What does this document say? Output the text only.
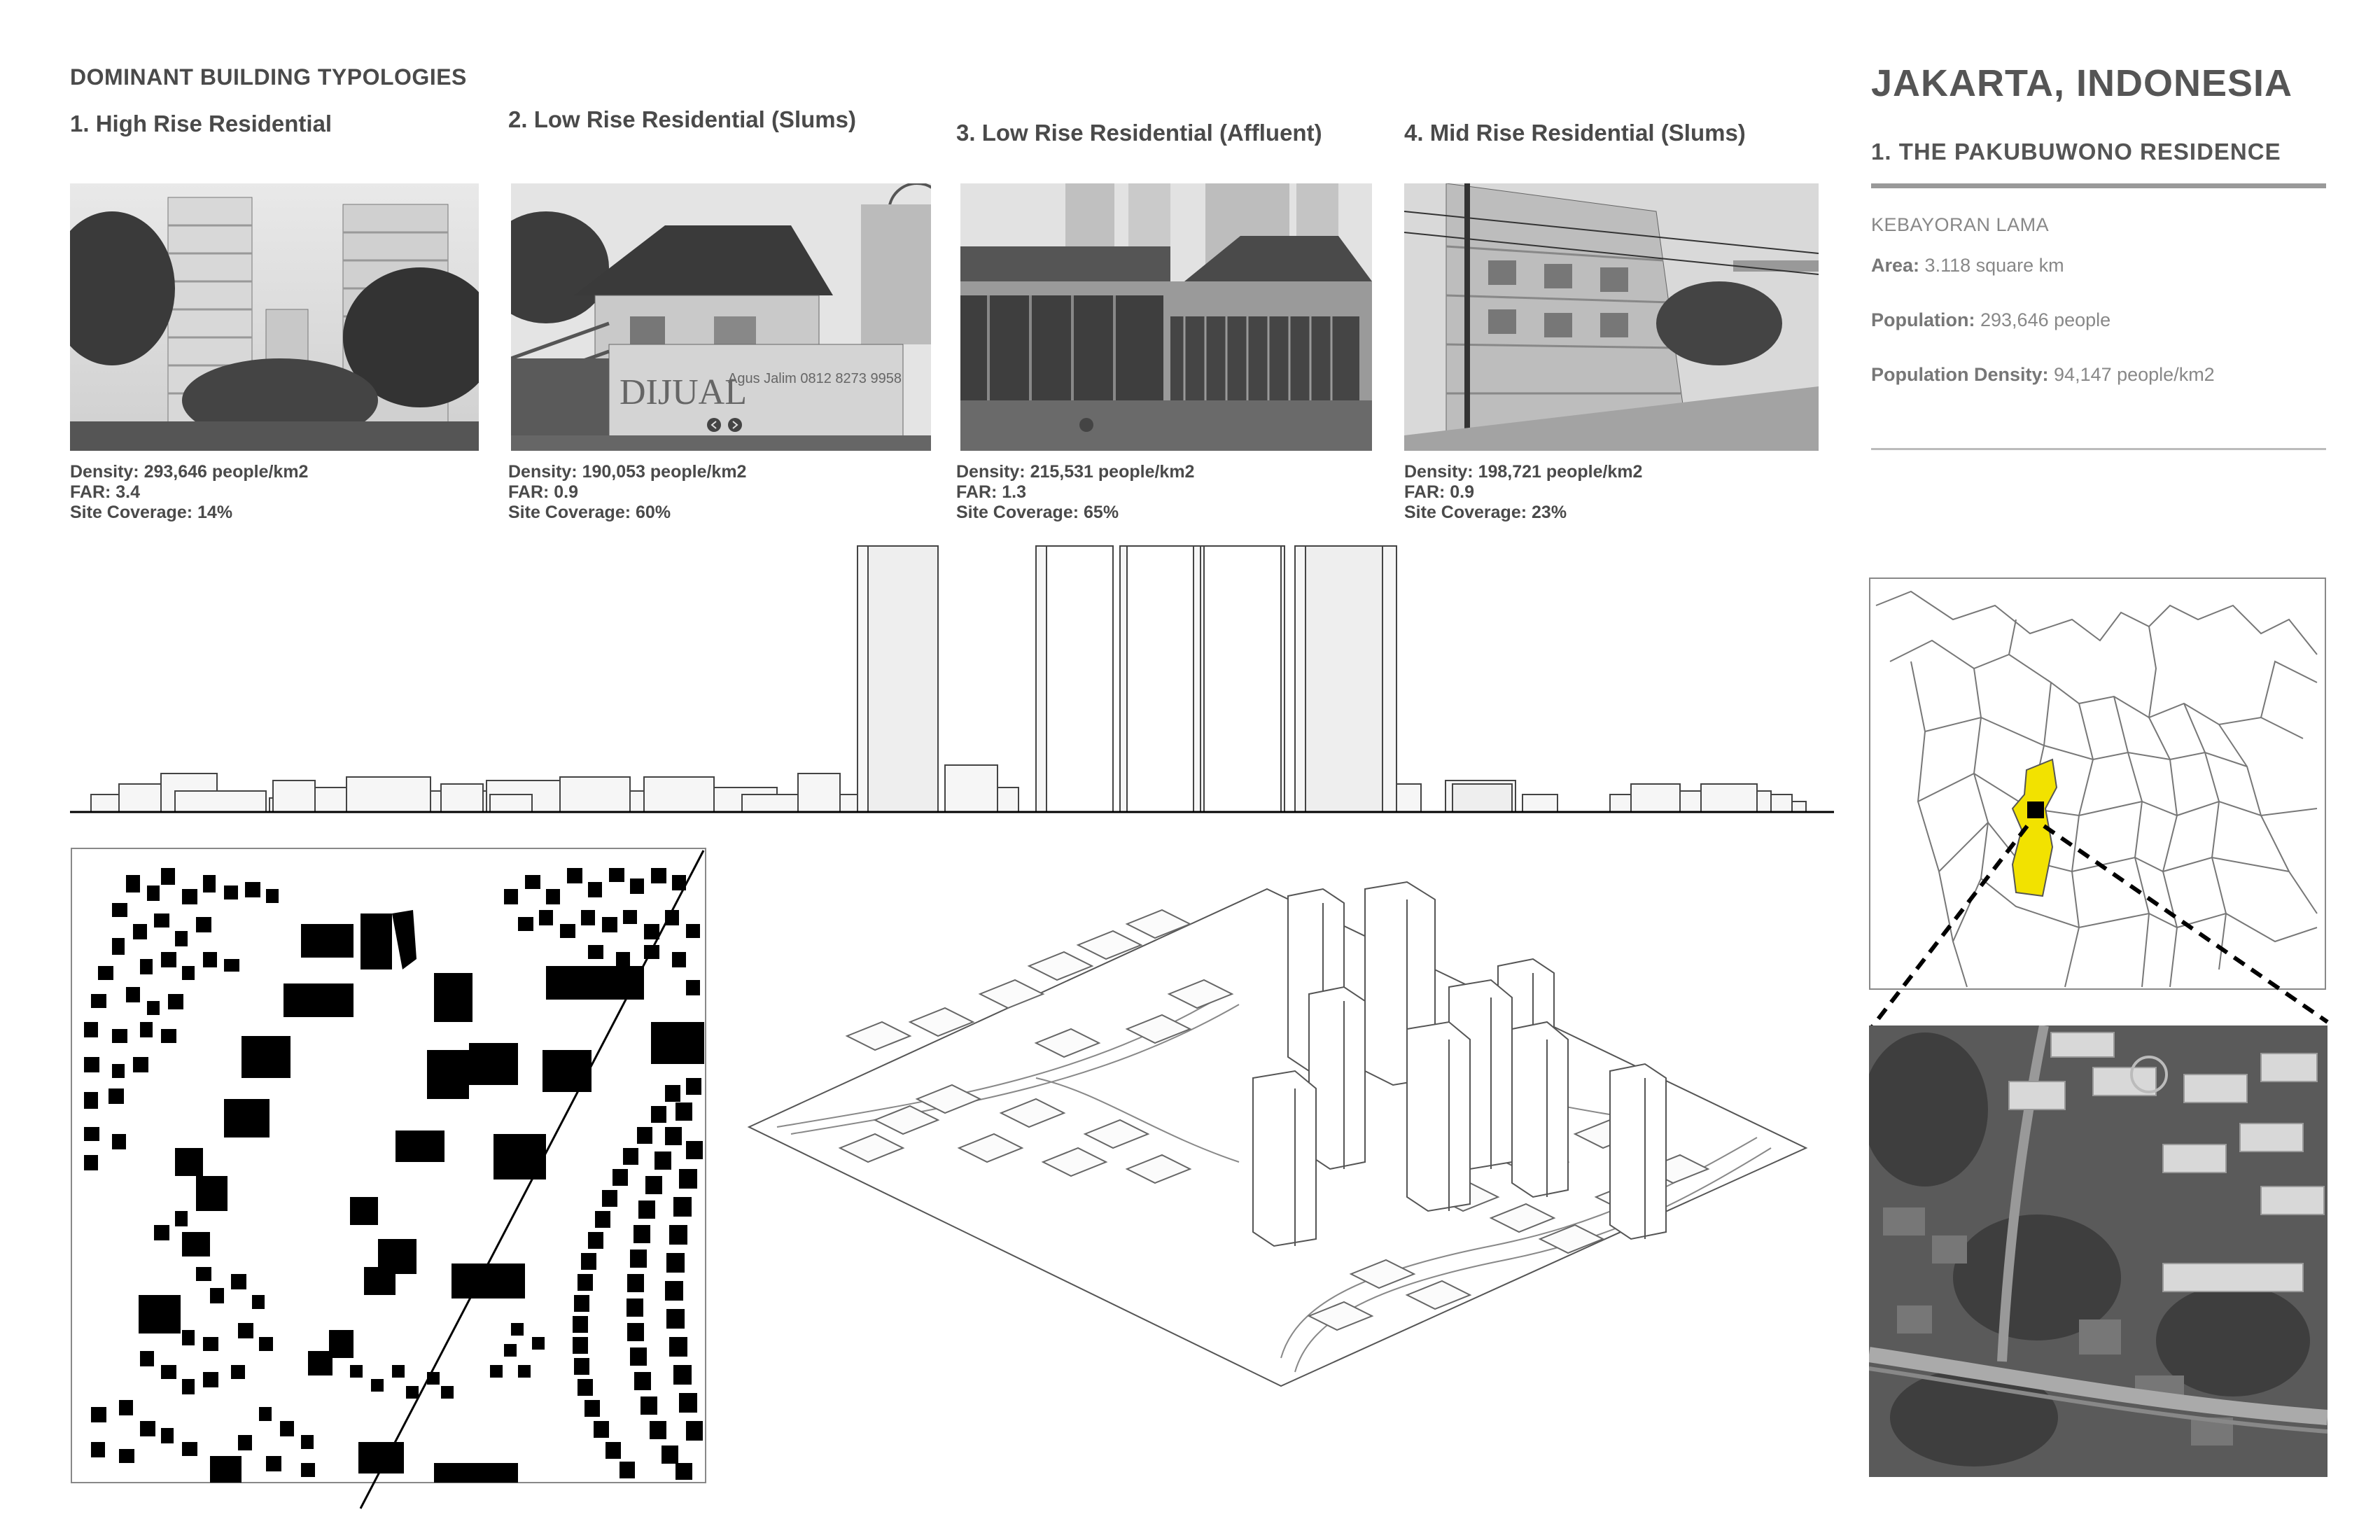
DOMINANT BUILDING TYPOLOGIES
1. High Rise Residential	2. Low Rise Residential (Slums)
3. Low Rise Residential (Affluent)	4. Mid Rise Residential (Slums)
DIJUAL
Agus Jalim 0812 8273 9958
Density: 293,646 people/km2
FAR: 3.4
Site Coverage: 14%
Density: 190,053 people/km2
FAR: 0.9
Site Coverage: 60%
Density: 215,531 people/km2
FAR: 1.3
Site Coverage: 65%
Density: 198,721 people/km2
FAR: 0.9
Site Coverage: 23%
JAKARTA, INDONESIA
1. THE PAKUBUWONO RESIDENCE
KEBAYORAN LAMA
Area: 3.118 square km
Population: 293,646 people
Population Density: 94,147 people/km2
